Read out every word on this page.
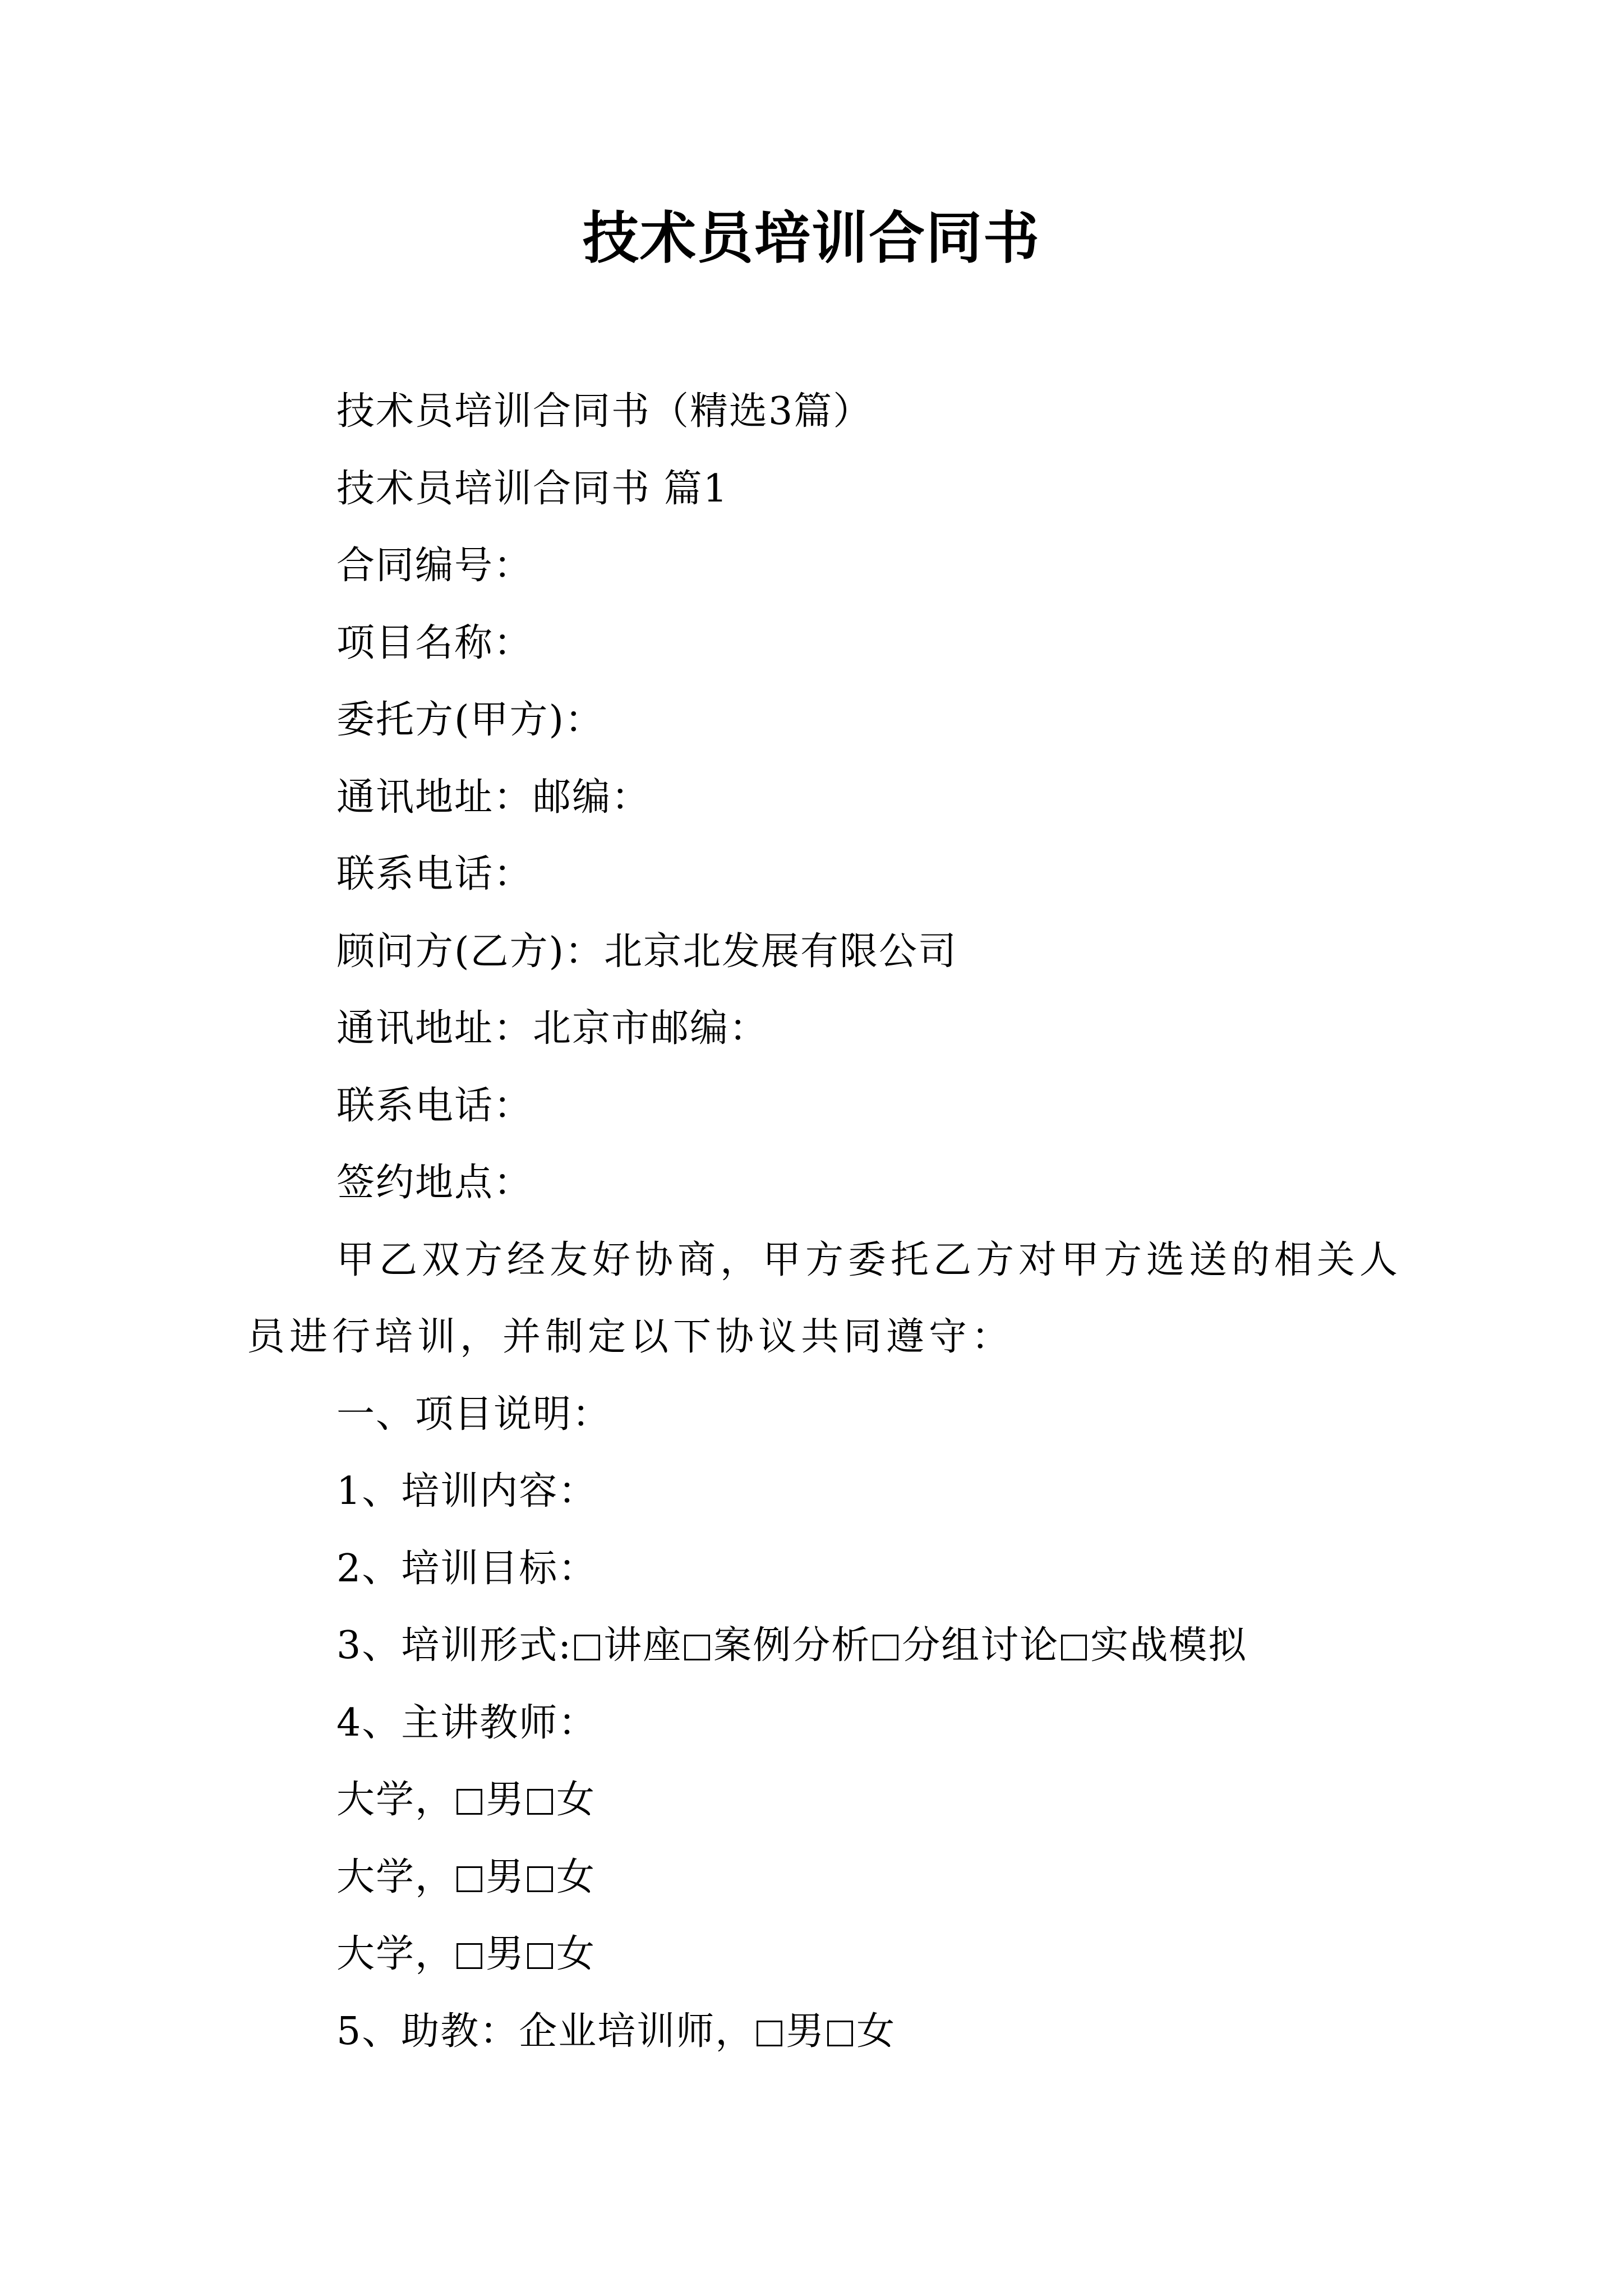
技术员培训合同书
技术员培训合同书（精选3篇）
技术员培训合同书 篇1
合同编号：
项目名称：
委托方(甲方)：
通讯地址：邮编：
联系电话：
顾问方(乙方)：北京北发展有限公司
通讯地址：北京市邮编：
联系电话：
签约地点：

甲乙双方经友好协商，甲方委托乙方对甲方选送的相关人员进行培训，并制定以下协议共同遵守：

一、项目说明：
1、培训内容：
2、培训目标：
3、培训形式: 讲座 案例分析 分组讨论 实战模拟
4、主讲教师：
大学， 男 女
大学， 男 女
大学， 男 女
5、助教：企业培训师， 男 女
